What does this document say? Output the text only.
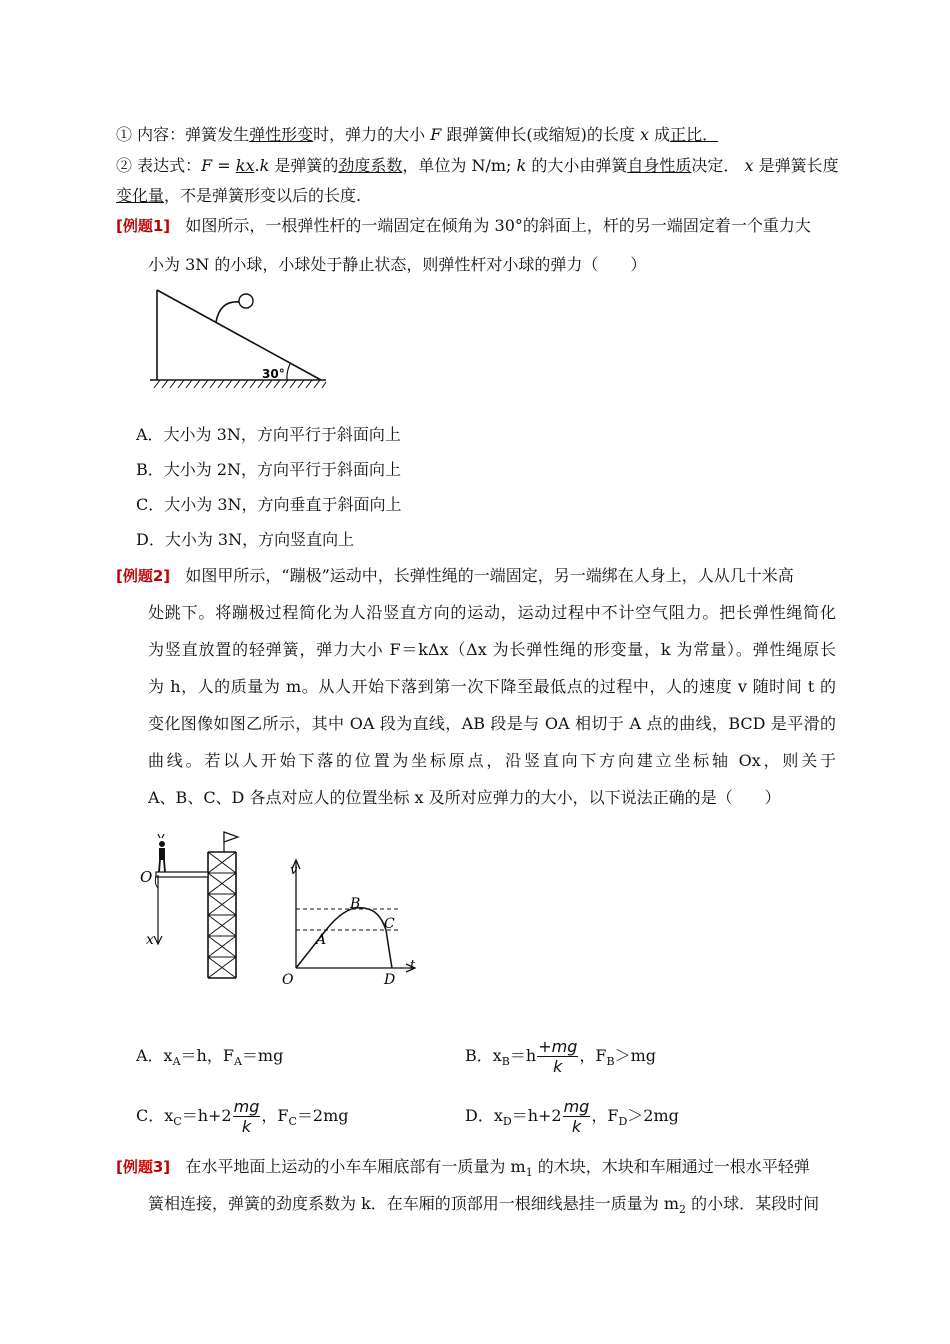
① 内容：弹簧发生弹性形变时，弹力的大小 F 跟弹簧伸长(或缩短)的长度 x 成正比．
② 表达式：F = kx.k 是弹簧的劲度系数，单位为 N/m; k 的大小由弹簧自身性质决定． x 是弹簧长度
变化量，不是弹簧形变以后的长度.
[例题1] 如图所示，一根弹性杆的一端固定在倾角为 30°的斜面上，杆的另一端固定着一个重力大
小为 3N 的小球，小球处于静止状态，则弹性杆对小球的弹力（　　）
30°
A．大小为 3N，方向平行于斜面向上
B．大小为 2N，方向平行于斜面向上
C．大小为 3N，方向垂直于斜面向上
D．大小为 3N，方向竖直向上
[例题2] 如图甲所示，“蹦极”运动中，长弹性绳的一端固定，另一端绑在人身上，人从几十米高
处跳下。将蹦极过程简化为人沿竖直方向的运动，运动过程中不计空气阻力。把长弹性绳简化
为竖直放置的轻弹簧，弹力大小 F＝kΔx（Δx 为长弹性绳的形变量，k 为常量）。弹性绳原长
为 h，人的质量为 m。从人开始下落到第一次下降至最低点的过程中，人的速度 v 随时间 t 的
变化图像如图乙所示，其中 OA 段为直线，AB 段是与 OA 相切于 A 点的曲线，BCD 是平滑的
曲线。若以人开始下落的位置为坐标原点，沿竖直向下方向建立坐标轴 Ox，则关于
A、B、C、D 各点对应人的位置坐标 x 及所对应弹力的大小，以下说法正确的是（　　）
O
x
v
t
O
A
B
C
D
A．$x_A=h$，$F_A=mg$	B．$x_B=h \frac{+mg}{k}$ ，$F_B>mg$
C．$x_C=h+2 \frac{mg}{k}$ ，$F_C=2mg$	D．$x_D=h+2 \frac{mg}{k}$ ，$F_D>2mg$
[例题3] 在水平地面上运动的小车车厢底部有一质量为 $m_1$ 的木块，木块和车厢通过一根水平轻弹
簧相连接，弹簧的劲度系数为 k．在车厢的顶部用一根细线悬挂一质量为 $m_2$ 的小球．某段时间
